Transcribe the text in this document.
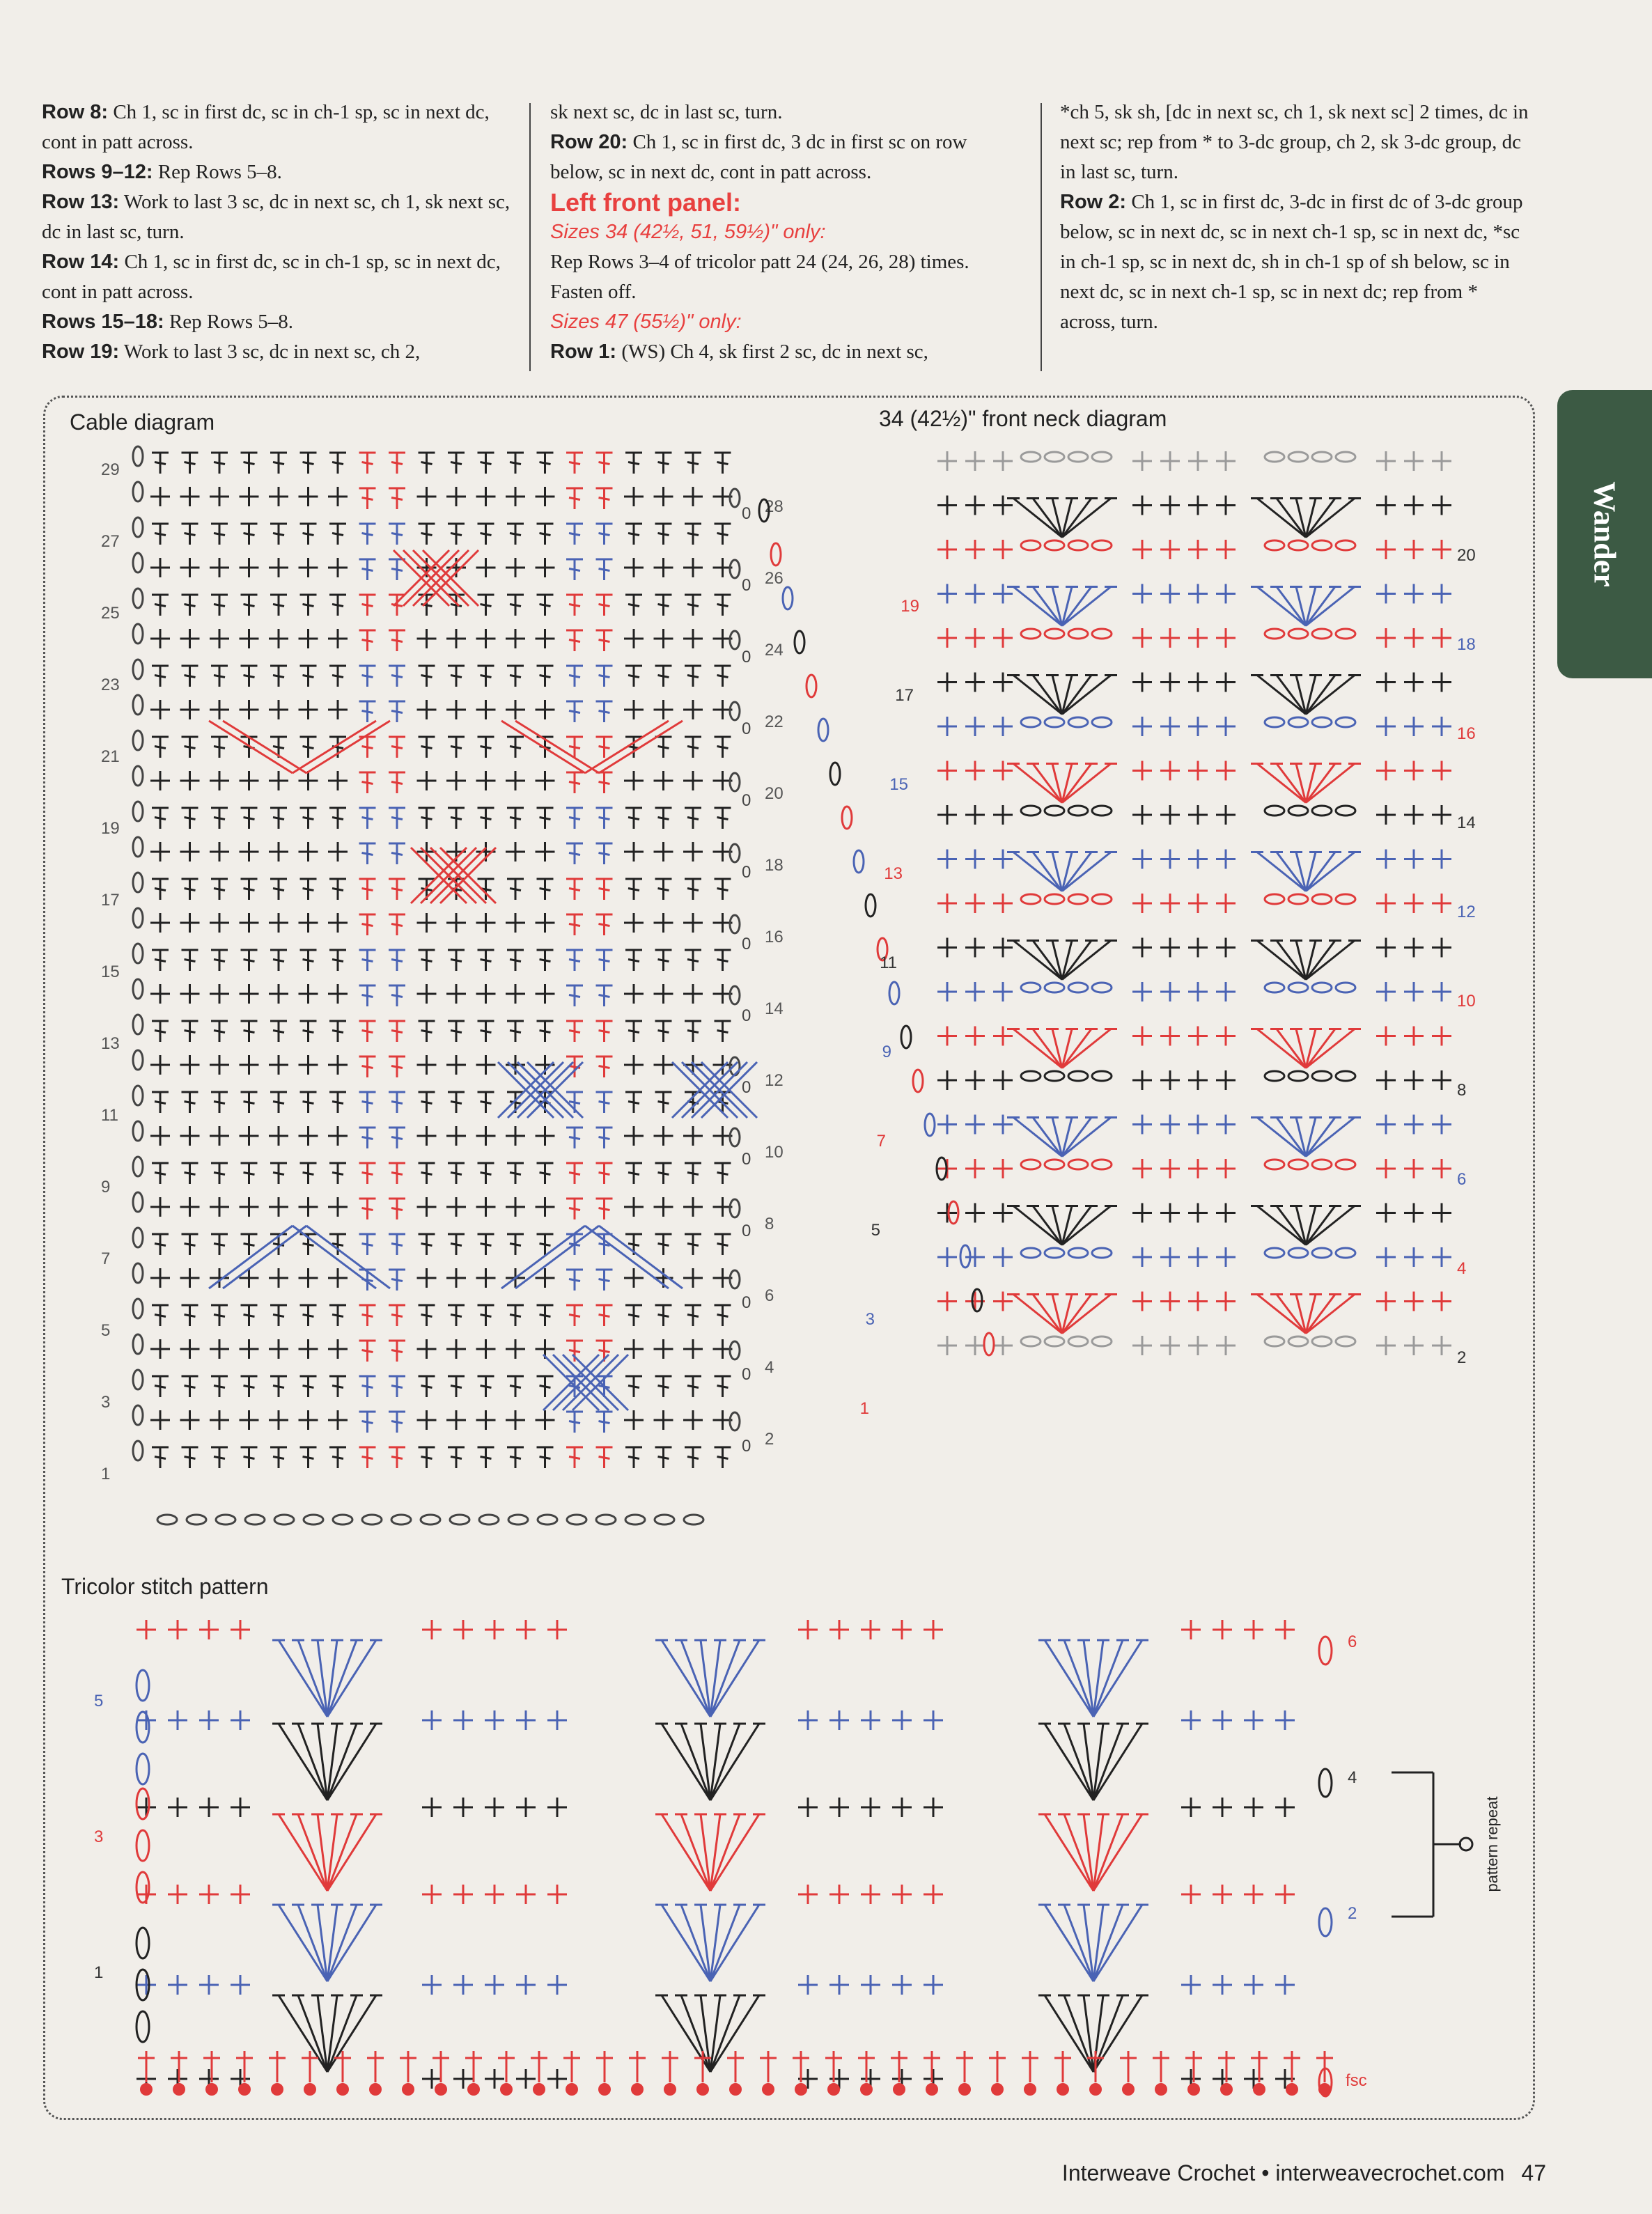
Row 8: Ch 1, sc in first dc, sc in ch-1 sp, sc in next dc, cont in patt across.
Rows 9–12: Rep Rows 5–8.
Row 13: Work to last 3 sc, dc in next sc, ch 1, sk next sc, dc in last sc, turn.
Row 14: Ch 1, sc in first dc, sc in ch-1 sp, sc in next dc, cont in patt across.
Rows 15–18: Rep Rows 5–8.
Row 19: Work to last 3 sc, dc in next sc, ch 2,
sk next sc, dc in last sc, turn.
Row 20: Ch 1, sc in first dc, 3 dc in first sc on row below, sc in next dc, cont in patt across.
Left front panel:
Sizes 34 (42½, 51, 59½)" only:
Rep Rows 3–4 of tricolor patt 24 (24, 26, 28) times. Fasten off.
Sizes 47 (55½)" only:
Row 1: (WS) Ch 4, sk first 2 sc, dc in next sc,
*ch 5, sk sh, [dc in next sc, ch 1, sk next sc] 2 times, dc in next sc; rep from * to 3-dc group, ch 2, sk 3-dc group, dc in last sc, turn.
Row 2: Ch 1, sc in first dc, 3-dc in first dc of 3-dc group below, sc in next dc, sc in next ch-1 sp, sc in next dc, *sc in ch-1 sp, sc in next dc, sh in ch-1 sp of sh below, sc in next dc, sc in next ch-1 sp, sc in next dc; rep from * across, turn.
Wander
Cable diagram	34 (42½)" front neck diagram
Tricolor stitch pattern
29
27
25
23
21
19
17
15
13
11
9
7
5
3
1
28
26
24
22
20
18
16
14
12
10
8
6
4
2
0
0
0
0
0
0
0
0
0
0
0
0
0
0
20
18
16
14
12
10
8
6
4
2
19
17
15
13
11
9
7
5
3
1
5
3
1
6
4
2
fsc
pattern repeat
Interweave Crochet • interweavecrochet.com 47
